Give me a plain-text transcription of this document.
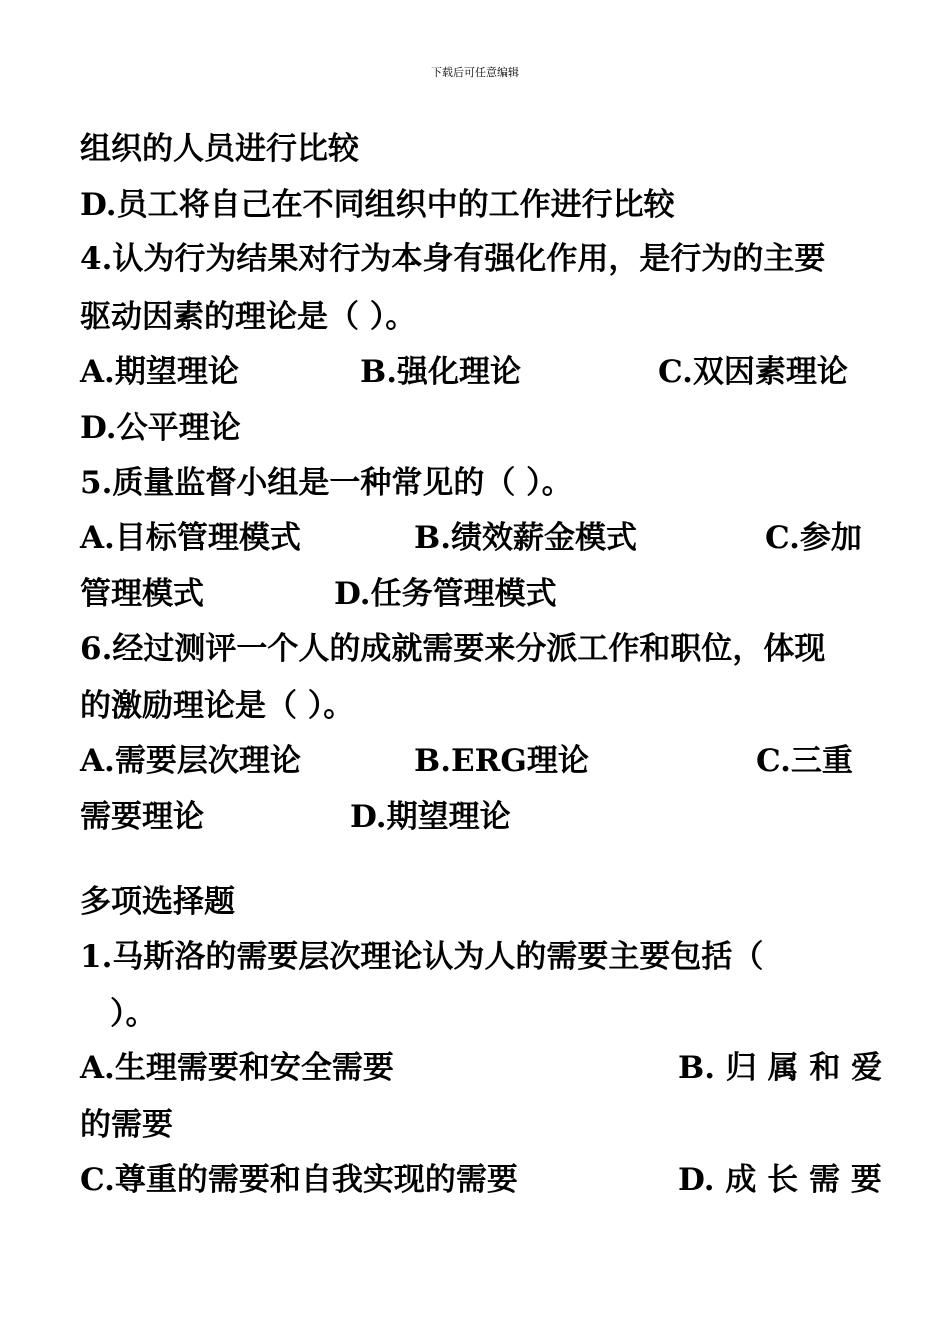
下载后可任意编辑
组织的人员进行比较
D.员工将自己在不同组织中的工作进行比较
4.认为行为结果对行为本身有强化作用，是行为的主要
驱动因素的理论是（ ）。
A.期望理论	B.强化理论	C.双因素理论
D.公平理论
5.质量监督小组是一种常见的（ ）。
A.目标管理模式	B.绩效薪金模式	C.参加
管理模式	D.任务管理模式
6.经过测评一个人的成就需要来分派工作和职位，体现
的激励理论是（ ）。
A.需要层次理论	B.ERG理论	C.三重
需要理论	D.期望理论
多项选择题
1.马斯洛的需要层次理论认为人的需要主要包括（
）。
A.生理需要和安全需要	B. 归 属 和 爱
的需要
C.尊重的需要和自我实现的需要	D. 成 长 需 要
